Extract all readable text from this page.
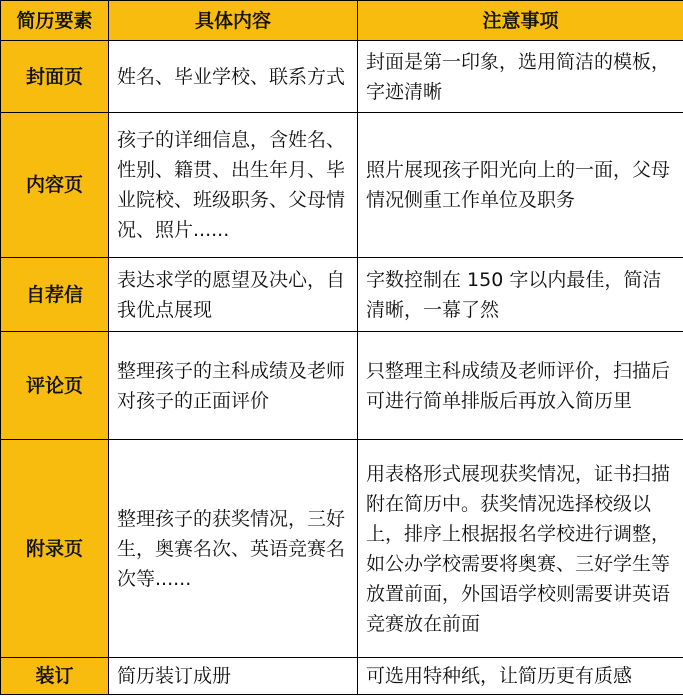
简历要素	具体内容	注意事项
封面页	姓名、毕业学校、联系方式	封面是第一印象，选用简洁的模板，字迹清晰
内容页	孩子的详细信息，含姓名、性别、籍贯、出生年月、毕业院校、班级职务、父母情况、照片......	照片展现孩子阳光向上的一面，父母情况侧重工作单位及职务
自荐信	表达求学的愿望及决心，自我优点展现	字数控制在 150 字以内最佳，简洁清晰，一幕了然
评论页	整理孩子的主科成绩及老师对孩子的正面评价	只整理主科成绩及老师评价，扫描后可进行简单排版后再放入简历里
附录页	整理孩子的获奖情况，三好生，奥赛名次、英语竞赛名次等......	用表格形式展现获奖情况，证书扫描附在简历中。获奖情况选择校级以上，排序上根据报名学校进行调整，如公办学校需要将奥赛、三好学生等放置前面，外国语学校则需要讲英语竞赛放在前面
装订	简历装订成册	可选用特种纸，让简历更有质感
